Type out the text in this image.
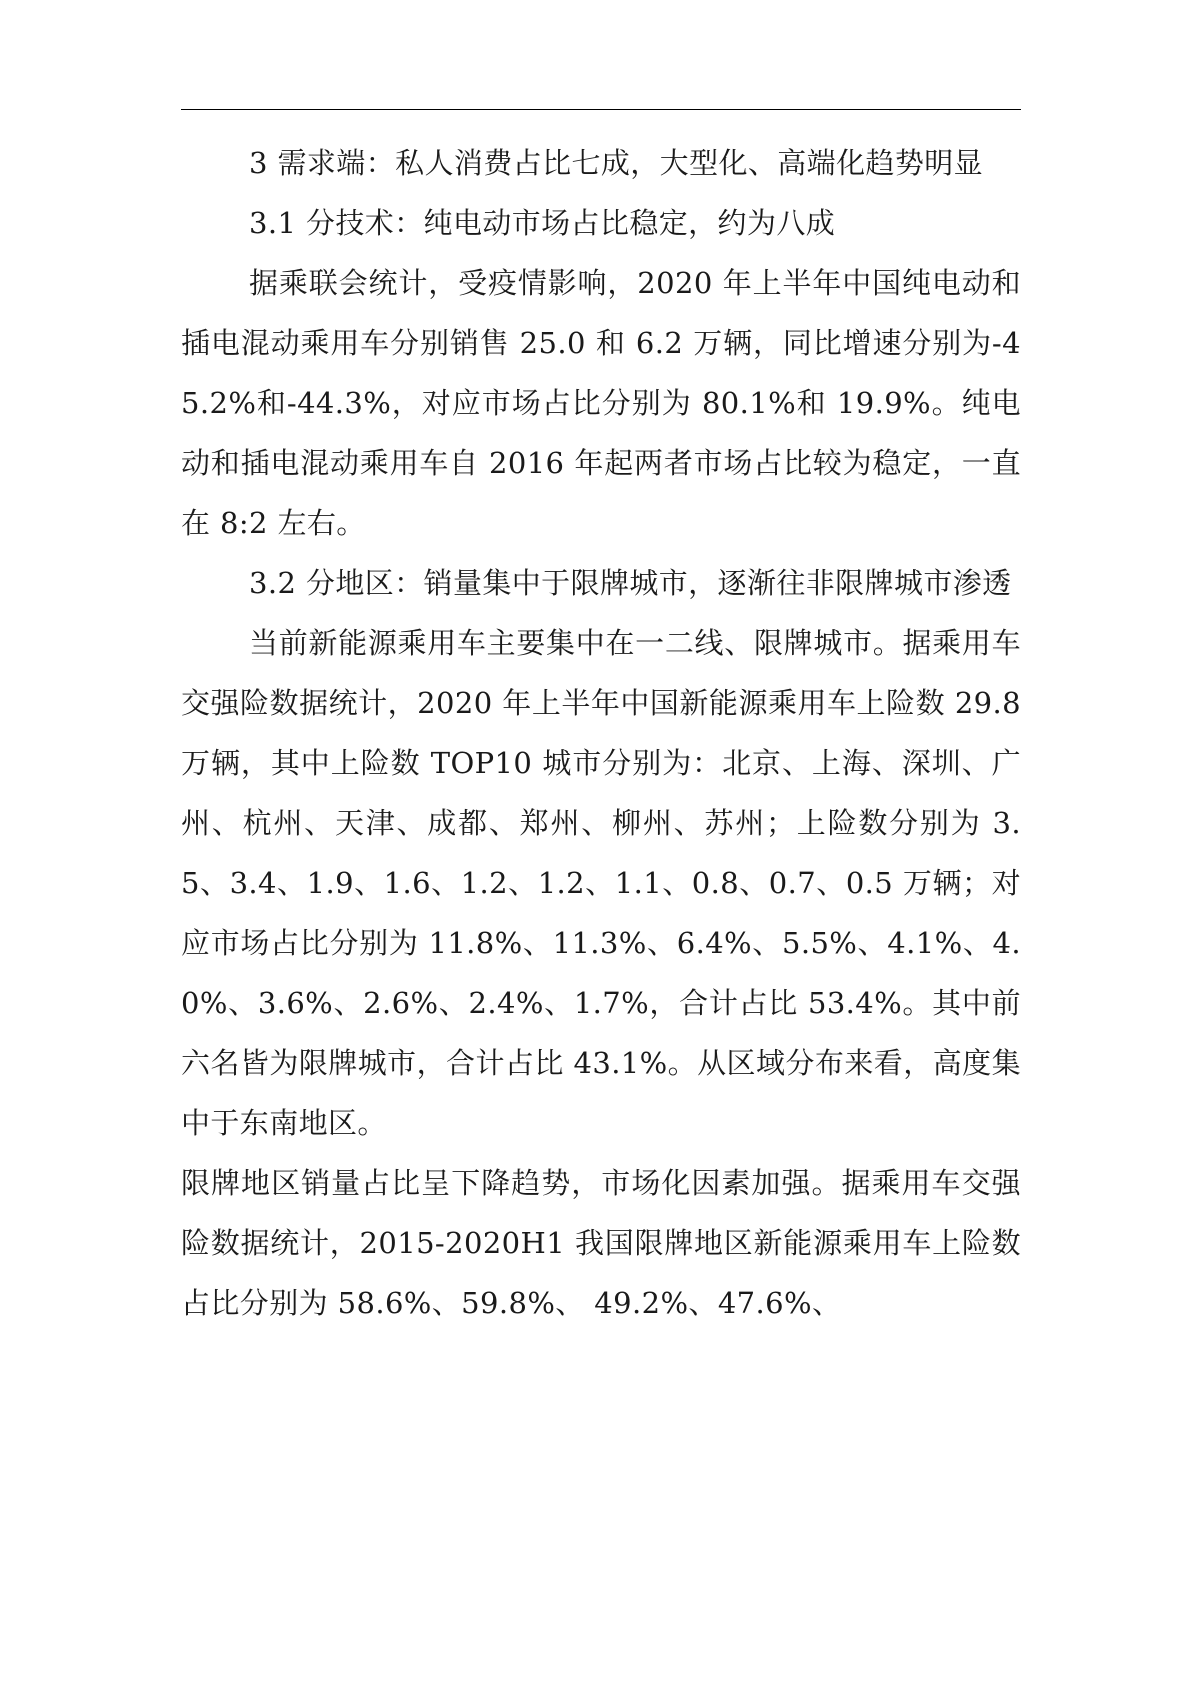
3 需求端：私人消费占比七成，大型化、高端化趋势明显

3.1 分技术：纯电动市场占比稳定，约为八成

据乘联会统计，受疫情影响，2020 年上半年中国纯电动和插电混动乘用车分别销售 25.0 和 6.2 万辆，同比增速分别为-45.2%和-44.3%，对应市场占比分别为 80.1%和 19.9%。纯电动和插电混动乘用车自 2016 年起两者市场占比较为稳定，一直在 8:2 左右。

3.2 分地区：销量集中于限牌城市，逐渐往非限牌城市渗透

当前新能源乘用车主要集中在一二线、限牌城市。据乘用车交强险数据统计，2020 年上半年中国新能源乘用车上险数 29.8 万辆，其中上险数 TOP10 城市分别为：北京、上海、深圳、广州、杭州、天津、成都、郑州、柳州、苏州；上险数分别为 3.5、3.4、1.9、1.6、1.2、1.2、1.1、0.8、0.7、0.5 万辆；对应市场占比分别为 11.8%、11.3%、6.4%、5.5%、4.1%、4.0%、3.6%、2.6%、2.4%、1.7%，合计占比 53.4%。其中前六名皆为限牌城市，合计占比 43.1%。从区域分布来看，高度集中于东南地区。

限牌地区销量占比呈下降趋势，市场化因素加强。据乘用车交强险数据统计，2015-2020H1 我国限牌地区新能源乘用车上险数占比分别为 58.6%、59.8%、 49.2%、47.6%、
